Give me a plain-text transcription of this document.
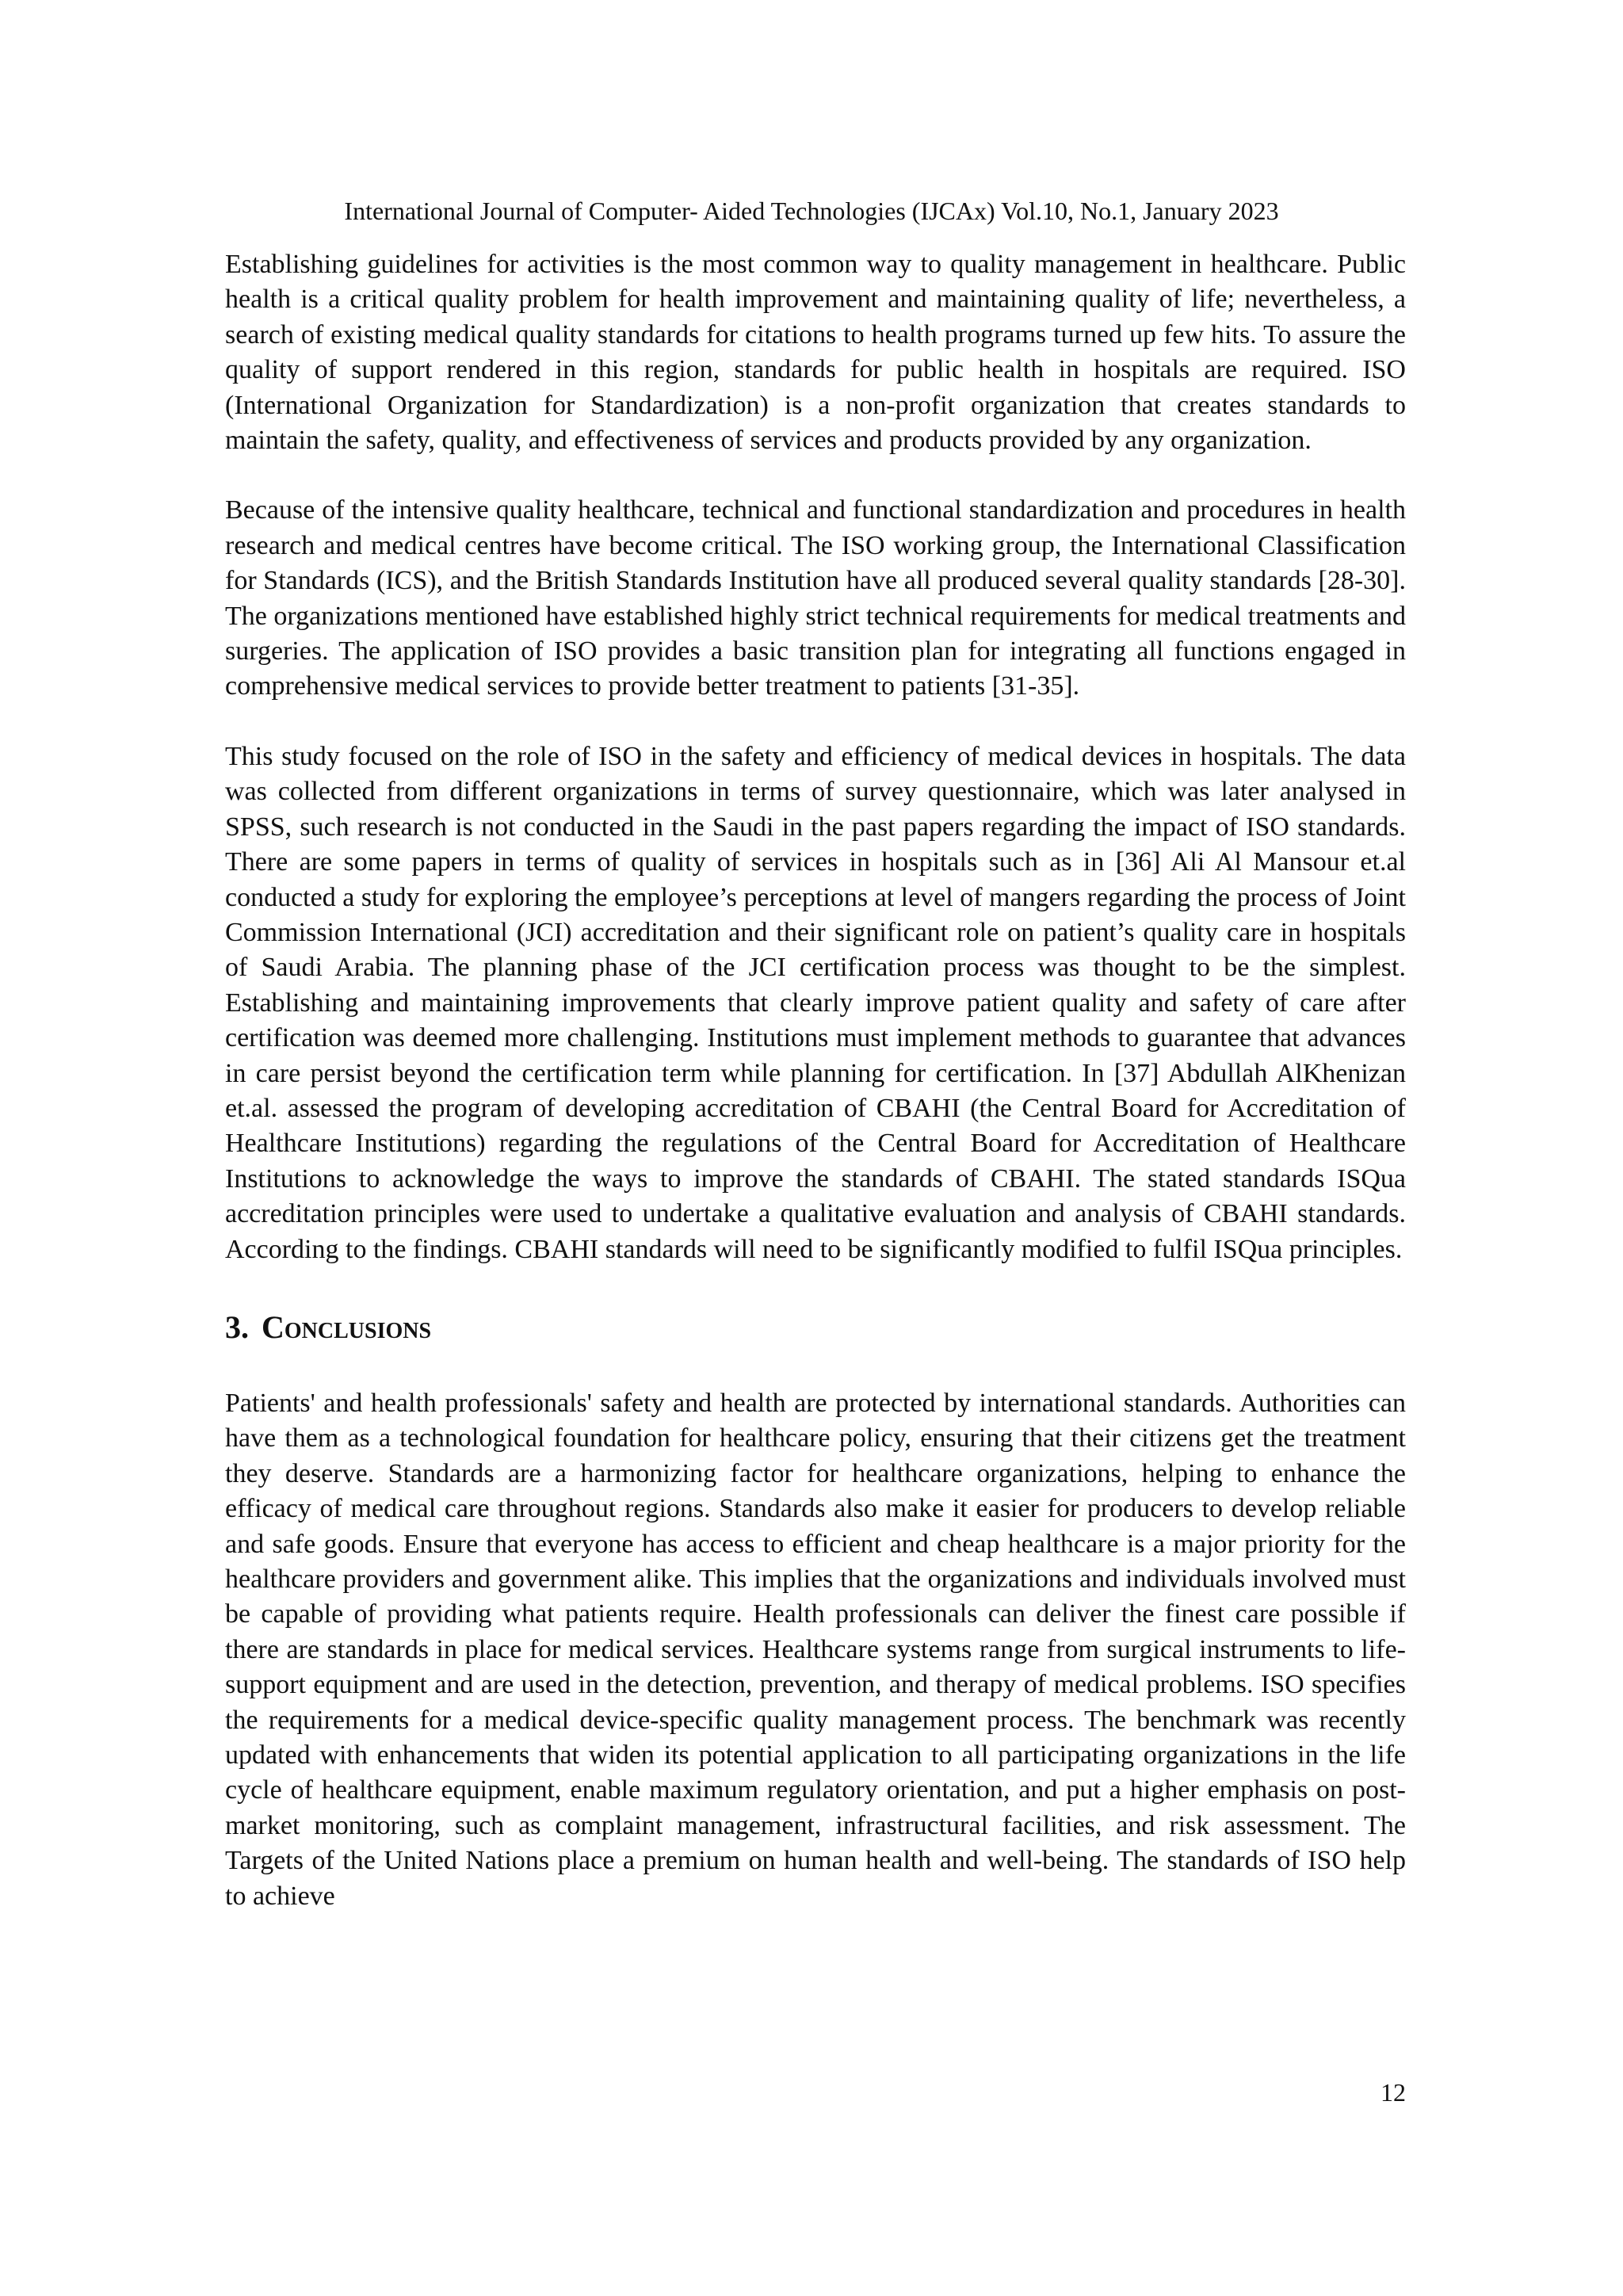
International Journal of Computer- Aided Technologies (IJCAx) Vol.10, No.1, January 2023

Establishing guidelines for activities is the most common way to quality management in healthcare. Public health is a critical quality problem for health improvement and maintaining quality of life; nevertheless, a search of existing medical quality standards for citations to health programs turned up few hits. To assure the quality of support rendered in this region, standards for public health in hospitals are required. ISO (International Organization for Standardization) is a non-profit organization that creates standards to maintain the safety, quality, and effectiveness of services and products provided by any organization.

Because of the intensive quality healthcare, technical and functional standardization and procedures in health research and medical centres have become critical. The ISO working group, the International Classification for Standards (ICS), and the British Standards Institution have all produced several quality standards [28-30]. The organizations mentioned have established highly strict technical requirements for medical treatments and surgeries. The application of ISO provides a basic transition plan for integrating all functions engaged in comprehensive medical services to provide better treatment to patients [31-35].

This study focused on the role of ISO in the safety and efficiency of medical devices in hospitals. The data was collected from different organizations in terms of survey questionnaire, which was later analysed in SPSS, such research is not conducted in the Saudi in the past papers regarding the impact of ISO standards. There are some papers in terms of quality of services in hospitals such as in [36] Ali Al Mansour et.al conducted a study for exploring the employee’s perceptions at level of mangers regarding the process of Joint Commission International (JCI) accreditation and their significant role on patient’s quality care in hospitals of Saudi Arabia. The planning phase of the JCI certification process was thought to be the simplest. Establishing and maintaining improvements that clearly improve patient quality and safety of care after certification was deemed more challenging. Institutions must implement methods to guarantee that advances in care persist beyond the certification term while planning for certification. In [37] Abdullah AlKhenizan et.al. assessed the program of developing accreditation of CBAHI (the Central Board for Accreditation of Healthcare Institutions) regarding the regulations of the Central Board for Accreditation of Healthcare Institutions to acknowledge the ways to improve the standards of CBAHI. The stated standards ISQua accreditation principles were used to undertake a qualitative evaluation and analysis of CBAHI standards. According to the findings. CBAHI standards will need to be significantly modified to fulfil ISQua principles.

3. Conclusions

Patients' and health professionals' safety and health are protected by international standards. Authorities can have them as a technological foundation for healthcare policy, ensuring that their citizens get the treatment they deserve. Standards are a harmonizing factor for healthcare organizations, helping to enhance the efficacy of medical care throughout regions. Standards also make it easier for producers to develop reliable and safe goods. Ensure that everyone has access to efficient and cheap healthcare is a major priority for the healthcare providers and government alike. This implies that the organizations and individuals involved must be capable of providing what patients require. Health professionals can deliver the finest care possible if there are standards in place for medical services. Healthcare systems range from surgical instruments to life-support equipment and are used in the detection, prevention, and therapy of medical problems. ISO specifies the requirements for a medical device-specific quality management process. The benchmark was recently updated with enhancements that widen its potential application to all participating organizations in the life cycle of healthcare equipment, enable maximum regulatory orientation, and put a higher emphasis on post-market monitoring, such as complaint management, infrastructural facilities, and risk assessment. The Targets of the United Nations place a premium on human health and well-being. The standards of ISO help to achieve

12
